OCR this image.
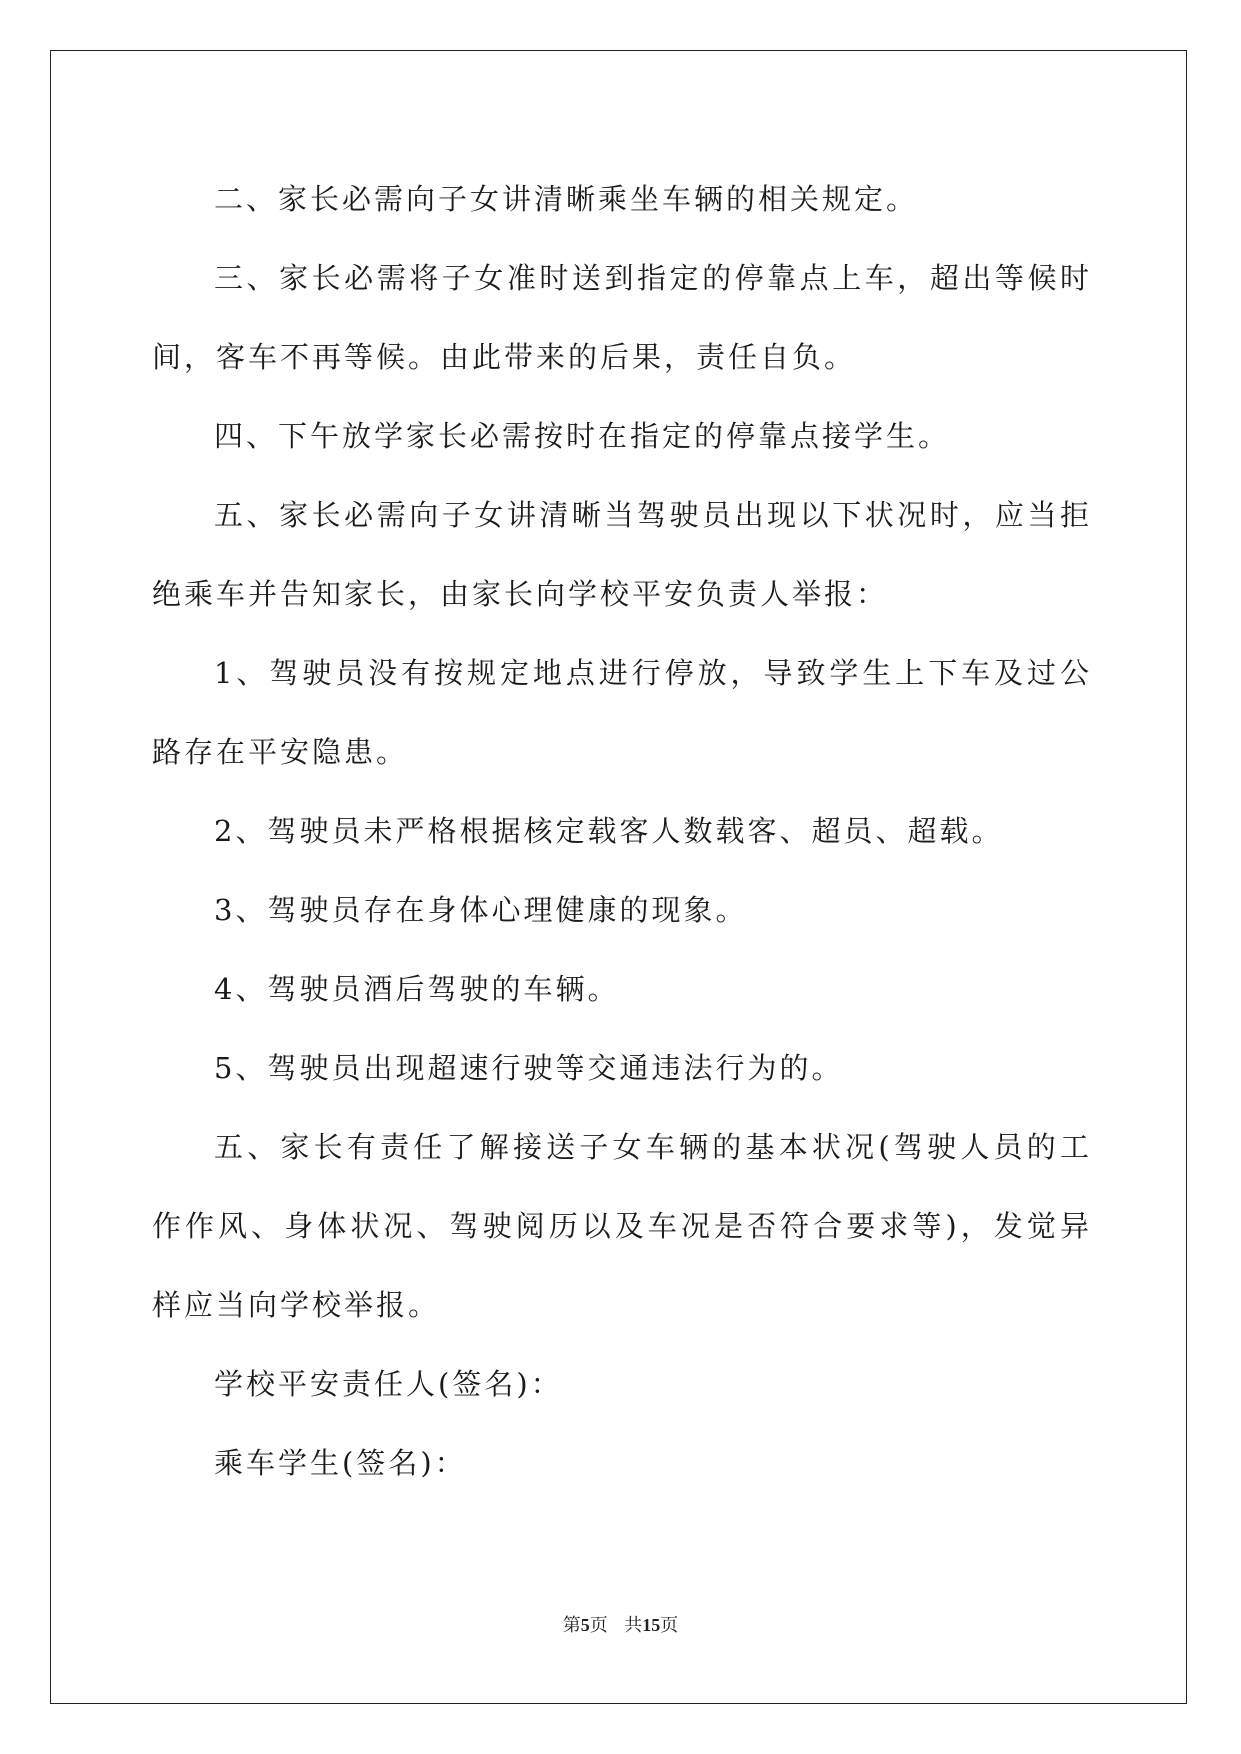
二、家长必需向子女讲清晰乘坐车辆的相关规定。

三、家长必需将子女准时送到指定的停靠点上车，超出等候时间，客车不再等候。由此带来的后果，责任自负。

四、下午放学家长必需按时在指定的停靠点接学生。

五、家长必需向子女讲清晰当驾驶员出现以下状况时，应当拒绝乘车并告知家长，由家长向学校平安负责人举报：

1、驾驶员没有按规定地点进行停放，导致学生上下车及过公路存在平安隐患。

2、驾驶员未严格根据核定载客人数载客、超员、超载。

3、驾驶员存在身体心理健康的现象。

4、驾驶员酒后驾驶的车辆。

5、驾驶员出现超速行驶等交通违法行为的。

五、家长有责任了解接送子女车辆的基本状况(驾驶人员的工作作风、身体状况、驾驶阅历以及车况是否符合要求等)，发觉异样应当向学校举报。

学校平安责任人(签名)：

乘车学生(签名)：

第5页 共15页
